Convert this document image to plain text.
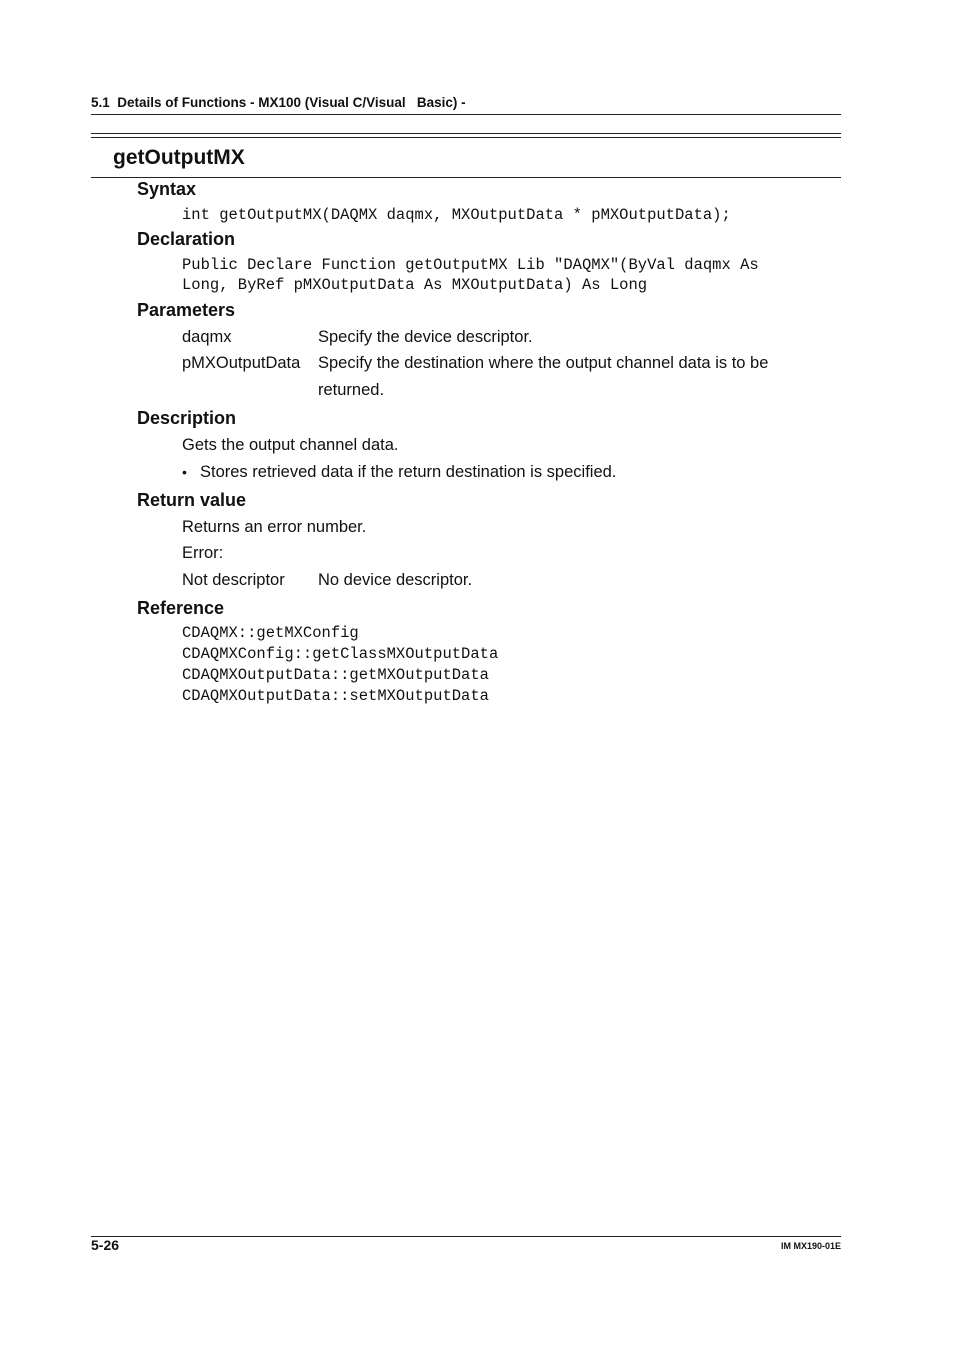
5.1  Details of Functions - MX100 (Visual C/Visual   Basic) -
getOutputMX
Syntax
int getOutputMX(DAQMX daqmx, MXOutputData * pMXOutputData);
Declaration
Public Declare Function getOutputMX Lib "DAQMX"(ByVal daqmx As
Long, ByRef pMXOutputData As MXOutputData) As Long
Parameters
daqmx	Specify the device descriptor.
pMXOutputData Specify the destination where the output channel data is to be
returned.
Description
Gets the output channel data.
• Stores retrieved data if the return destination is specified.
Return value
Returns an error number.
Error:
Not descriptor No device descriptor.
Reference
CDAQMX::getMXConfig
CDAQMXConfig::getClassMXOutputData
CDAQMXOutputData::getMXOutputData
CDAQMXOutputData::setMXOutputData
5-26	IM MX190-01E
